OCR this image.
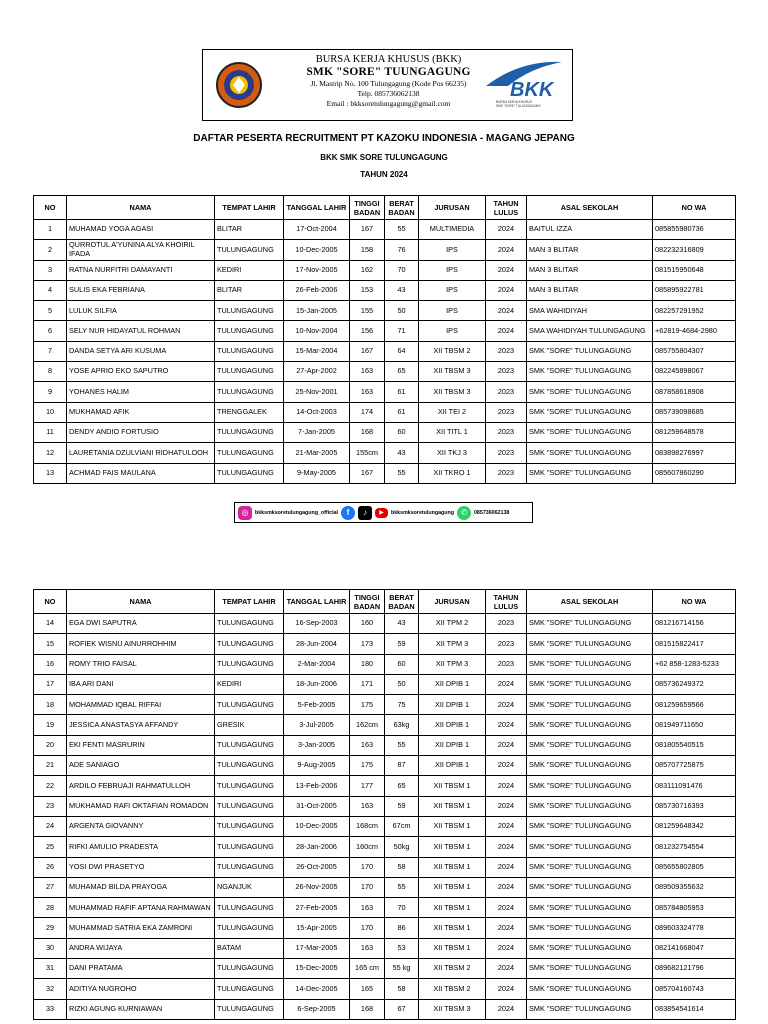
BURSA KERJA KHUSUS (BKK)
SMK "SORE" TUUNGAGUNG
Jl. Mastrip No. 100 Tulungagung (Kode Pos 66235)
Telp. 085736062138
Email : bkksoretulungagung@gmail.com
BKK
BURSA KERJA KHUSUS
SMK "SORE" TULUNGAGUNG
DAFTAR PESERTA RECRUITMENT PT KAZOKU INDONESIA - MAGANG JEPANG
BKK SMK SORE TULUNGAGUNG
TAHUN 2024
NO	NAMA	TEMPAT LAHIR	TANGGAL LAHIR	TINGGI BADAN	BERAT BADAN	JURUSAN	TAHUN LULUS	ASAL SEKOLAH	NO WA
1	MUHAMAD YOGA AGASI	BLITAR	17-Oct-2004	167	55	MULTIMEDIA	2024	BAITUL IZZA	085855980736
2	QURROTUL A'YUNINA ALYA KHOIRIL IFADA	TULUNGAGUNG	10-Dec-2005	158	76	IPS	2024	MAN 3 BLITAR	082232316809
3	RATNA NURFITRI DAMAYANTI	KEDIRI	17-Nov-2005	162	70	IPS	2024	MAN 3 BLITAR	081515950648
4	SULIS EKA FEBRIANA	BLITAR	26-Feb-2006	153	43	IPS	2024	MAN 3 BLITAR	085895922781
5	LULUK SILFIA	TULUNGAGUNG	15-Jan-2005	155	50	IPS	2024	SMA WAHIDIYAH	082257291952
6	SELY NUR HIDAYATUL ROHMAN	TULUNGAGUNG	10-Nov-2004	156	71	IPS	2024	SMA WAHIDIYAH TULUNGAGUNG	+62819-4684-2980
7	DANDA SETYA ARI KUSUMA	TULUNGAGUNG	15-Mar-2004	167	64	XII TBSM 2	2023	SMK "SORE" TULUNGAGUNG	085755804307
8	YOSE APRIO EKO SAPUTRO	TULUNGAGUNG	27-Apr-2002	163	65	XII TBSM 3	2023	SMK "SORE" TULUNGAGUNG	082245898067
9	YOHANES HALIM	TULUNGAGUNG	25-Nov-2001	163	61	XII TBSM 3	2023	SMK "SORE" TULUNGAGUNG	087858618908
10	MUKHAMAD AFIK	TRENGGALEK	14-Oct-2003	174	61	XII TEI 2	2023	SMK "SORE" TULUNGAGUNG	085739098685
11	DENDY ANDIO FORTUSIO	TULUNGAGUNG	7-Jan-2005	168	60	XII TITL 1	2023	SMK "SORE" TULUNGAGUNG	081259648578
12	LAURETANIA DZULVIANI RIDHATULOOH	TULUNGAGUNG	21-Mar-2005	155cm	43	XII TKJ 3	2023	SMK "SORE" TULUNGAGUNG	083898276997
13	ACHMAD FAIS MAULANA	TULUNGAGUNG	9-May-2005	167	55	XII TKRO 1	2023	SMK "SORE" TULUNGAGUNG	085607860290
◎	bkksmksoretulungagung_official	f	♪	▶	bkksmksoretulungagung ✆	085736062138
NO	NAMA	TEMPAT LAHIR	TANGGAL LAHIR	TINGGI BADAN	BERAT BADAN	JURUSAN	TAHUN LULUS	ASAL SEKOLAH	NO WA
14	EGA DWI SAPUTRA	TULUNGAGUNG	16-Sep-2003	160	43	XII TPM 2	2023	SMK "SORE" TULUNGAGUNG	081216714156
15	ROFIEK WISNU AINURROHHIM	TULUNGAGUNG	28-Jun-2004	173	59	XII TPM 3	2023	SMK "SORE" TULUNGAGUNG	081515822417
16	ROMY TRIO FAISAL	TULUNGAGUNG	2-Mar-2004	180	60	XII TPM 3	2023	SMK "SORE" TULUNGAGUNG	+62 858-1283-5233
17	IBA ARI DANI	KEDIRI	18-Jun-2006	171	50	XII DPIB 1	2024	SMK "SORE" TULUNGAGUNG	085736249372
18	MOHAMMAD IQBAL RIFFAI	TULUNGAGUNG	5-Feb-2005	175	75	XII DPIB 1	2024	SMK "SORE" TULUNGAGUNG	081259659566
19	JESSICA ANASTASYA AFFANDY	GRESIK	3-Jul-2005	162cm	63kg	XII DPIB 1	2024	SMK "SORE" TULUNGAGUNG	081949711650
20	EKI FENTI MASRURIN	TULUNGAGUNG	3-Jan-2005	163	55	XII DPIB 1	2024	SMK "SORE" TULUNGAGUNG	081805540515
21	ADE SANIAGO	TULUNGAGUNG	9-Aug-2005	175	87	XII DPIB 1	2024	SMK "SORE" TULUNGAGUNG	085707725875
22	ARDILO FEBRUAJI RAHMATULLOH	TULUNGAGUNG	13-Feb-2006	177	65	XII TBSM 1	2024	SMK "SORE" TULUNGAGUNG	083111091476
23	MUKHAMAD RAFI OKTAFIAN ROMADON	TULUNGAGUNG	31-Oct-2005	163	59	XII TBSM 1	2024	SMK "SORE" TULUNGAGUNG	085730716393
24	ARGENTA GIOVANNY	TULUNGAGUNG	10-Dec-2005	168cm	67cm	XII TBSM 1	2024	SMK "SORE" TULUNGAGUNG	081259648342
25	RIFKI AMULIO PRADESTA	TULUNGAGUNG	28-Jan-2006	160cm	50kg	XII TBSM 1	2024	SMK "SORE" TULUNGAGUNG	081232754554
26	YOSI DWI PRASETYO	TULUNGAGUNG	26-Oct-2005	170	58	XII TBSM 1	2024	SMK "SORE" TULUNGAGUNG	085655802805
27	MUHAMAD BILDA PRAYOGA	NGANJUK	26-Nov-2005	170	55	XII TBSM 1	2024	SMK "SORE" TULUNGAGUNG	089509355632
28	MUHAMMAD RAFIF APTANA RAHMAWAN	TULUNGAGUNG	27-Feb-2005	163	70	XII TBSM 1	2024	SMK "SORE" TULUNGAGUNG	085784805953
29	MUHAMMAD SATRIA EKA ZAMRONI	TULUNGAGUNG	15-Apr-2005	170	86	XII TBSM 1	2024	SMK "SORE" TULUNGAGUNG	089603324778
30	ANDRA WIJAYA	BATAM	17-Mar-2005	163	53	XII TBSM 1	2024	SMK "SORE" TULUNGAGUNG	082141668047
31	DANI PRATAMA	TULUNGAGUNG	15-Dec-2005	165 cm	55 kg	XII TBSM 2	2024	SMK "SORE" TULUNGAGUNG	089682121796
32	ADITIYA NUGROHO	TULUNGAGUNG	14-Dec-2005	165	58	XII TBSM 2	2024	SMK "SORE" TULUNGAGUNG	085704160743
33	RIZKI AGUNG KURNIAWAN	TULUNGAGUNG	6-Sep-2005	168	67	XII TBSM 3	2024	SMK "SORE" TULUNGAGUNG	083854541614
